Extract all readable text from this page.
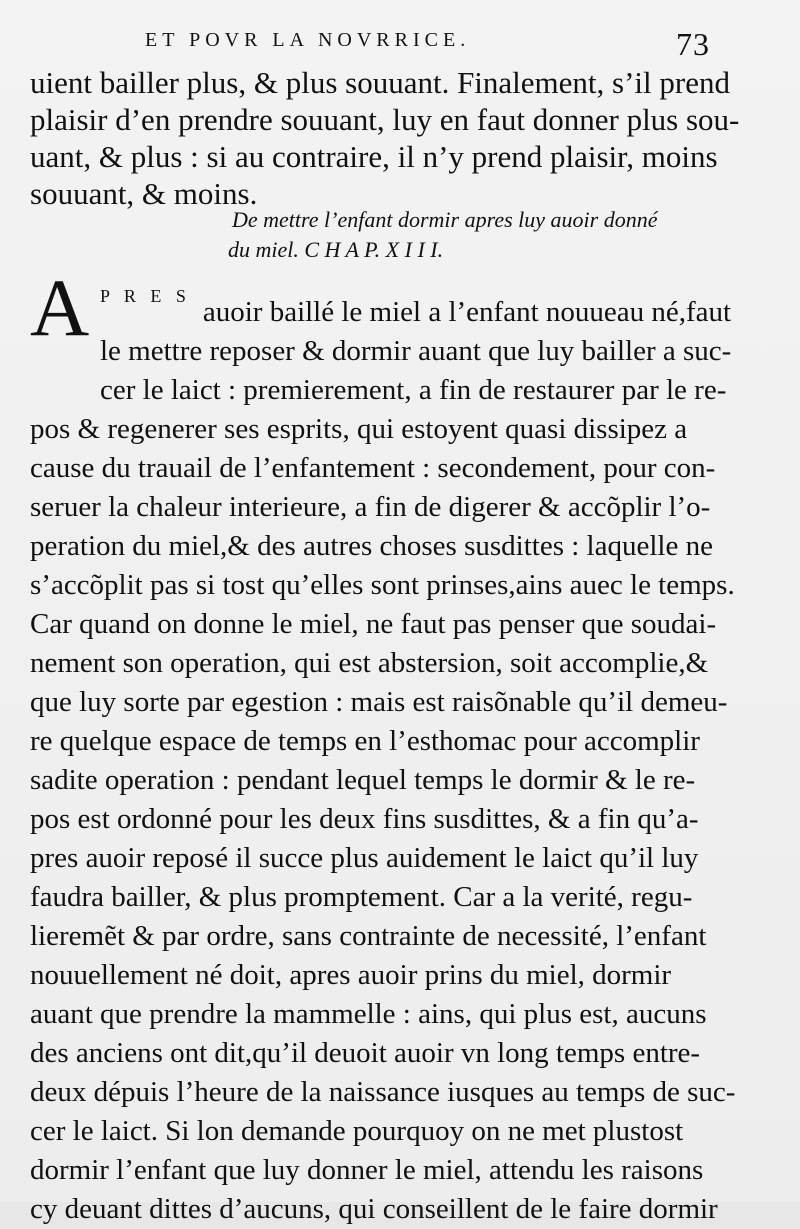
ET POVR LA NOVRRICE.	73
uient bailler plus, & plus souuant. Finalement, s’il prend
plaisir d’en prendre souuant, luy en faut donner plus sou-
uant, & plus : si au contraire, il n’y prend plaisir, moins
souuant, & moins.
De mettre l’enfant dormir apres luy auoir donné
du miel. C H A P. X I I I.
A P R E S auoir baillé le miel a l’enfant nouueau né,faut
le mettre reposer & dormir auant que luy bailler a suc-
cer le laict : premierement, a fin de restaurer par le re-
pos & regenerer ses esprits, qui estoyent quasi dissipez a
cause du trauail de l’enfantement : secondement, pour con-
seruer la chaleur interieure, a fin de digerer & accõplir l’o-
peration du miel,& des autres choses susdittes : laquelle ne
s’accõplit pas si tost qu’elles sont prinses,ains auec le temps.
Car quand on donne le miel, ne faut pas penser que soudai-
nement son operation, qui est abstersion, soit accomplie,&
que luy sorte par egestion : mais est raisõnable qu’il demeu-
re quelque espace de temps en l’esthomac pour accomplir
sadite operation : pendant lequel temps le dormir & le re-
pos est ordonné pour les deux fins susdittes, & a fin qu’a-
pres auoir reposé il succe plus auidement le laict qu’il luy
faudra bailler, & plus promptement. Car a la verité, regu-
lieremẽt & par ordre, sans contrainte de necessité, l’enfant
nouuellement né doit, apres auoir prins du miel, dormir
auant que prendre la mammelle : ains, qui plus est, aucuns
des anciens ont dit,qu’il deuoit auoir vn long temps entre-
deux dépuis l’heure de la naissance iusques au temps de suc-
cer le laict. Si lon demande pourquoy on ne met plustost
dormir l’enfant que luy donner le miel, attendu les raisons
cy deuant dittes d’aucuns, qui conseillent de le faire dormir
